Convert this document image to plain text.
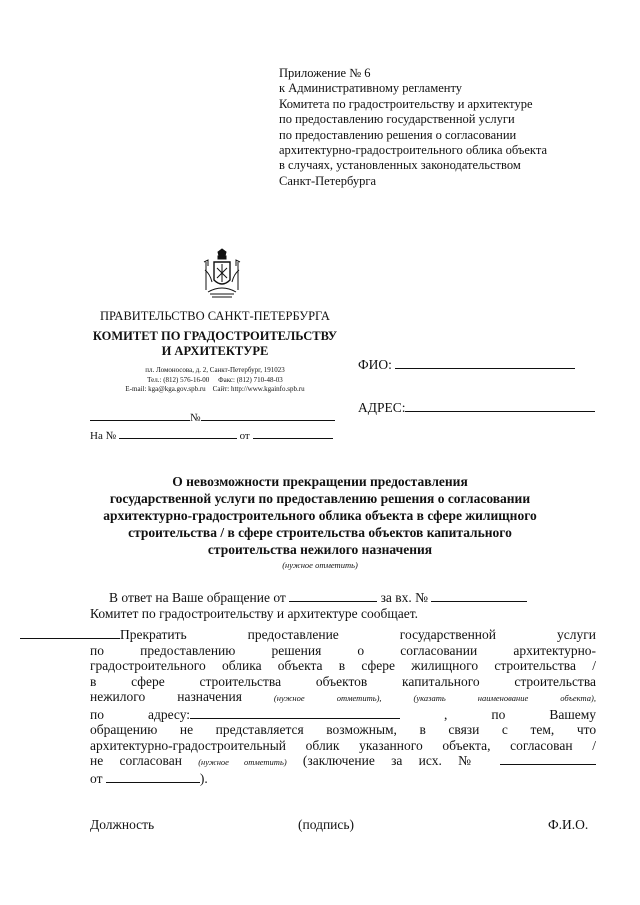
Приложение № 6
к Административному регламенту
Комитета по градостроительству и архитектуре
по предоставлению государственной услуги
по предоставлению решения о согласовании
архитектурно-градостроительного облика объекта
в случаях, установленных законодательством
Санкт-Петербурга
ПРАВИТЕЛЬСТВО САНКТ-ПЕТЕРБУРГА
КОМИТЕТ ПО ГРАДОСТРОИТЕЛЬСТВУ
И АРХИТЕКТУРЕ
пл. Ломоносова, д. 2, Санкт-Петербург, 191023
Тел.: (812) 576-16-00 Факс: (812) 710-48-03
E-mail: kga@kga.gov.spb.ru Сайт: http://www.kgainfo.spb.ru
№
На №	от
ФИО:
АДРЕС:
О невозможности прекращении предоставления
государственной услуги по предоставлению решения о согласовании
архитектурно-градостроительного облика объекта в сфере жилищного
строительства / в сфере строительства объектов капитального
строительства нежилого назначения
(нужное отметить)
В ответ на Ваше обращение от	за вх. №
Комитет по градостроительству и архитектуре сообщает.
Прекратить	предоставление	государственной	услуги
по	предоставлению	решения	о	согласовании	архитектурно-
градостроительного облика объекта в сфере жилищного строительства /
в	сфере	строительства	объектов	капитального	строительства
нежилого назначения	(нужное	отметить),	(указать	наименование	объекта),
по	адресу:	,	по	Вашему
обращению не представляется возможным, в связи с тем, что
архитектурно-градостроительный облик указанного объекта, согласован /
не согласован (нужное отметить) (заключение за исх. №
от	).
Должность	(подпись)	Ф.И.О.
